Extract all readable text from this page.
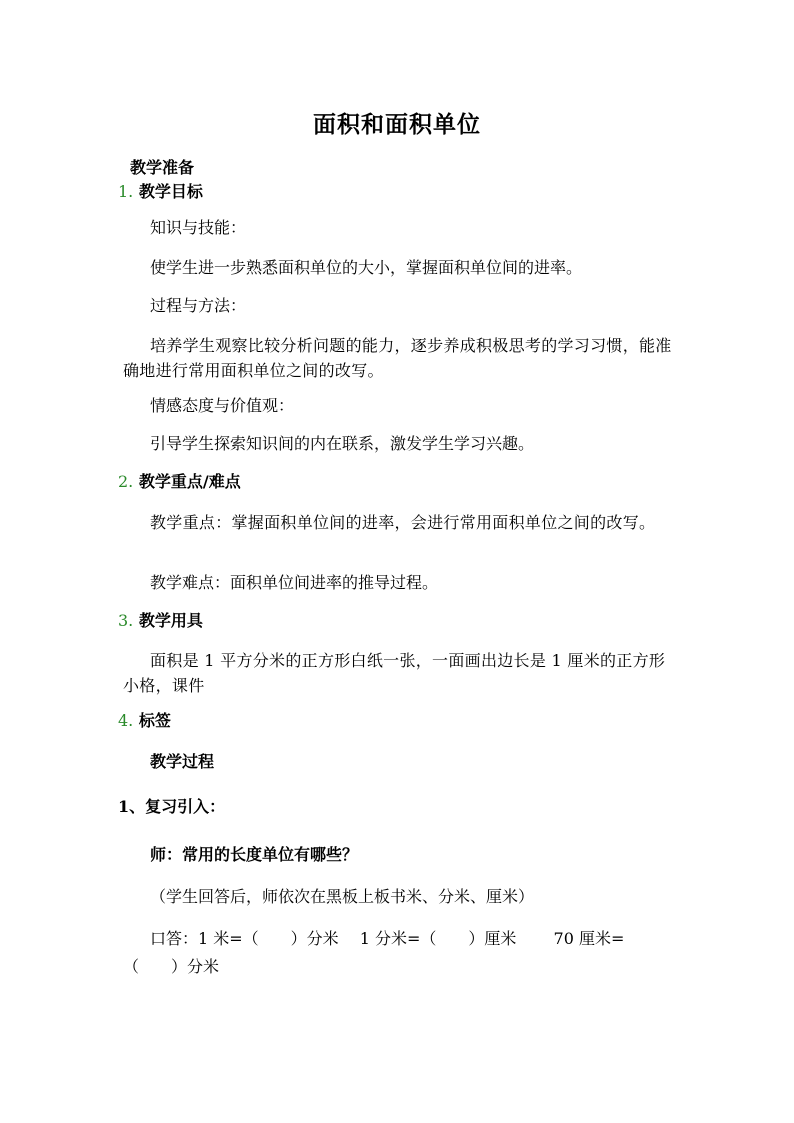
面积和面积单位
教学准备
1. 教学目标
知识与技能：
使学生进一步熟悉面积单位的大小，掌握面积单位间的进率。
过程与方法：
培养学生观察比较分析问题的能力，逐步养成积极思考的学习习惯，能准确地进行常用面积单位之间的改写。
情感态度与价值观：
引导学生探索知识间的内在联系，激发学生学习兴趣。
2. 教学重点/难点
教学重点：掌握面积单位间的进率，会进行常用面积单位之间的改写。
教学难点：面积单位间进率的推导过程。
3. 教学用具
面积是 1 平方分米的正方形白纸一张，一面画出边长是 1 厘米的正方形小格，课件
4. 标签
教学过程
1、复习引入：
师：常用的长度单位有哪些？
（学生回答后，师依次在黑板上板书米、分米、厘米）
口答：1 米=（　　）分米　 1 分米=（　　）厘米　　 70 厘米=
（　　）分米
